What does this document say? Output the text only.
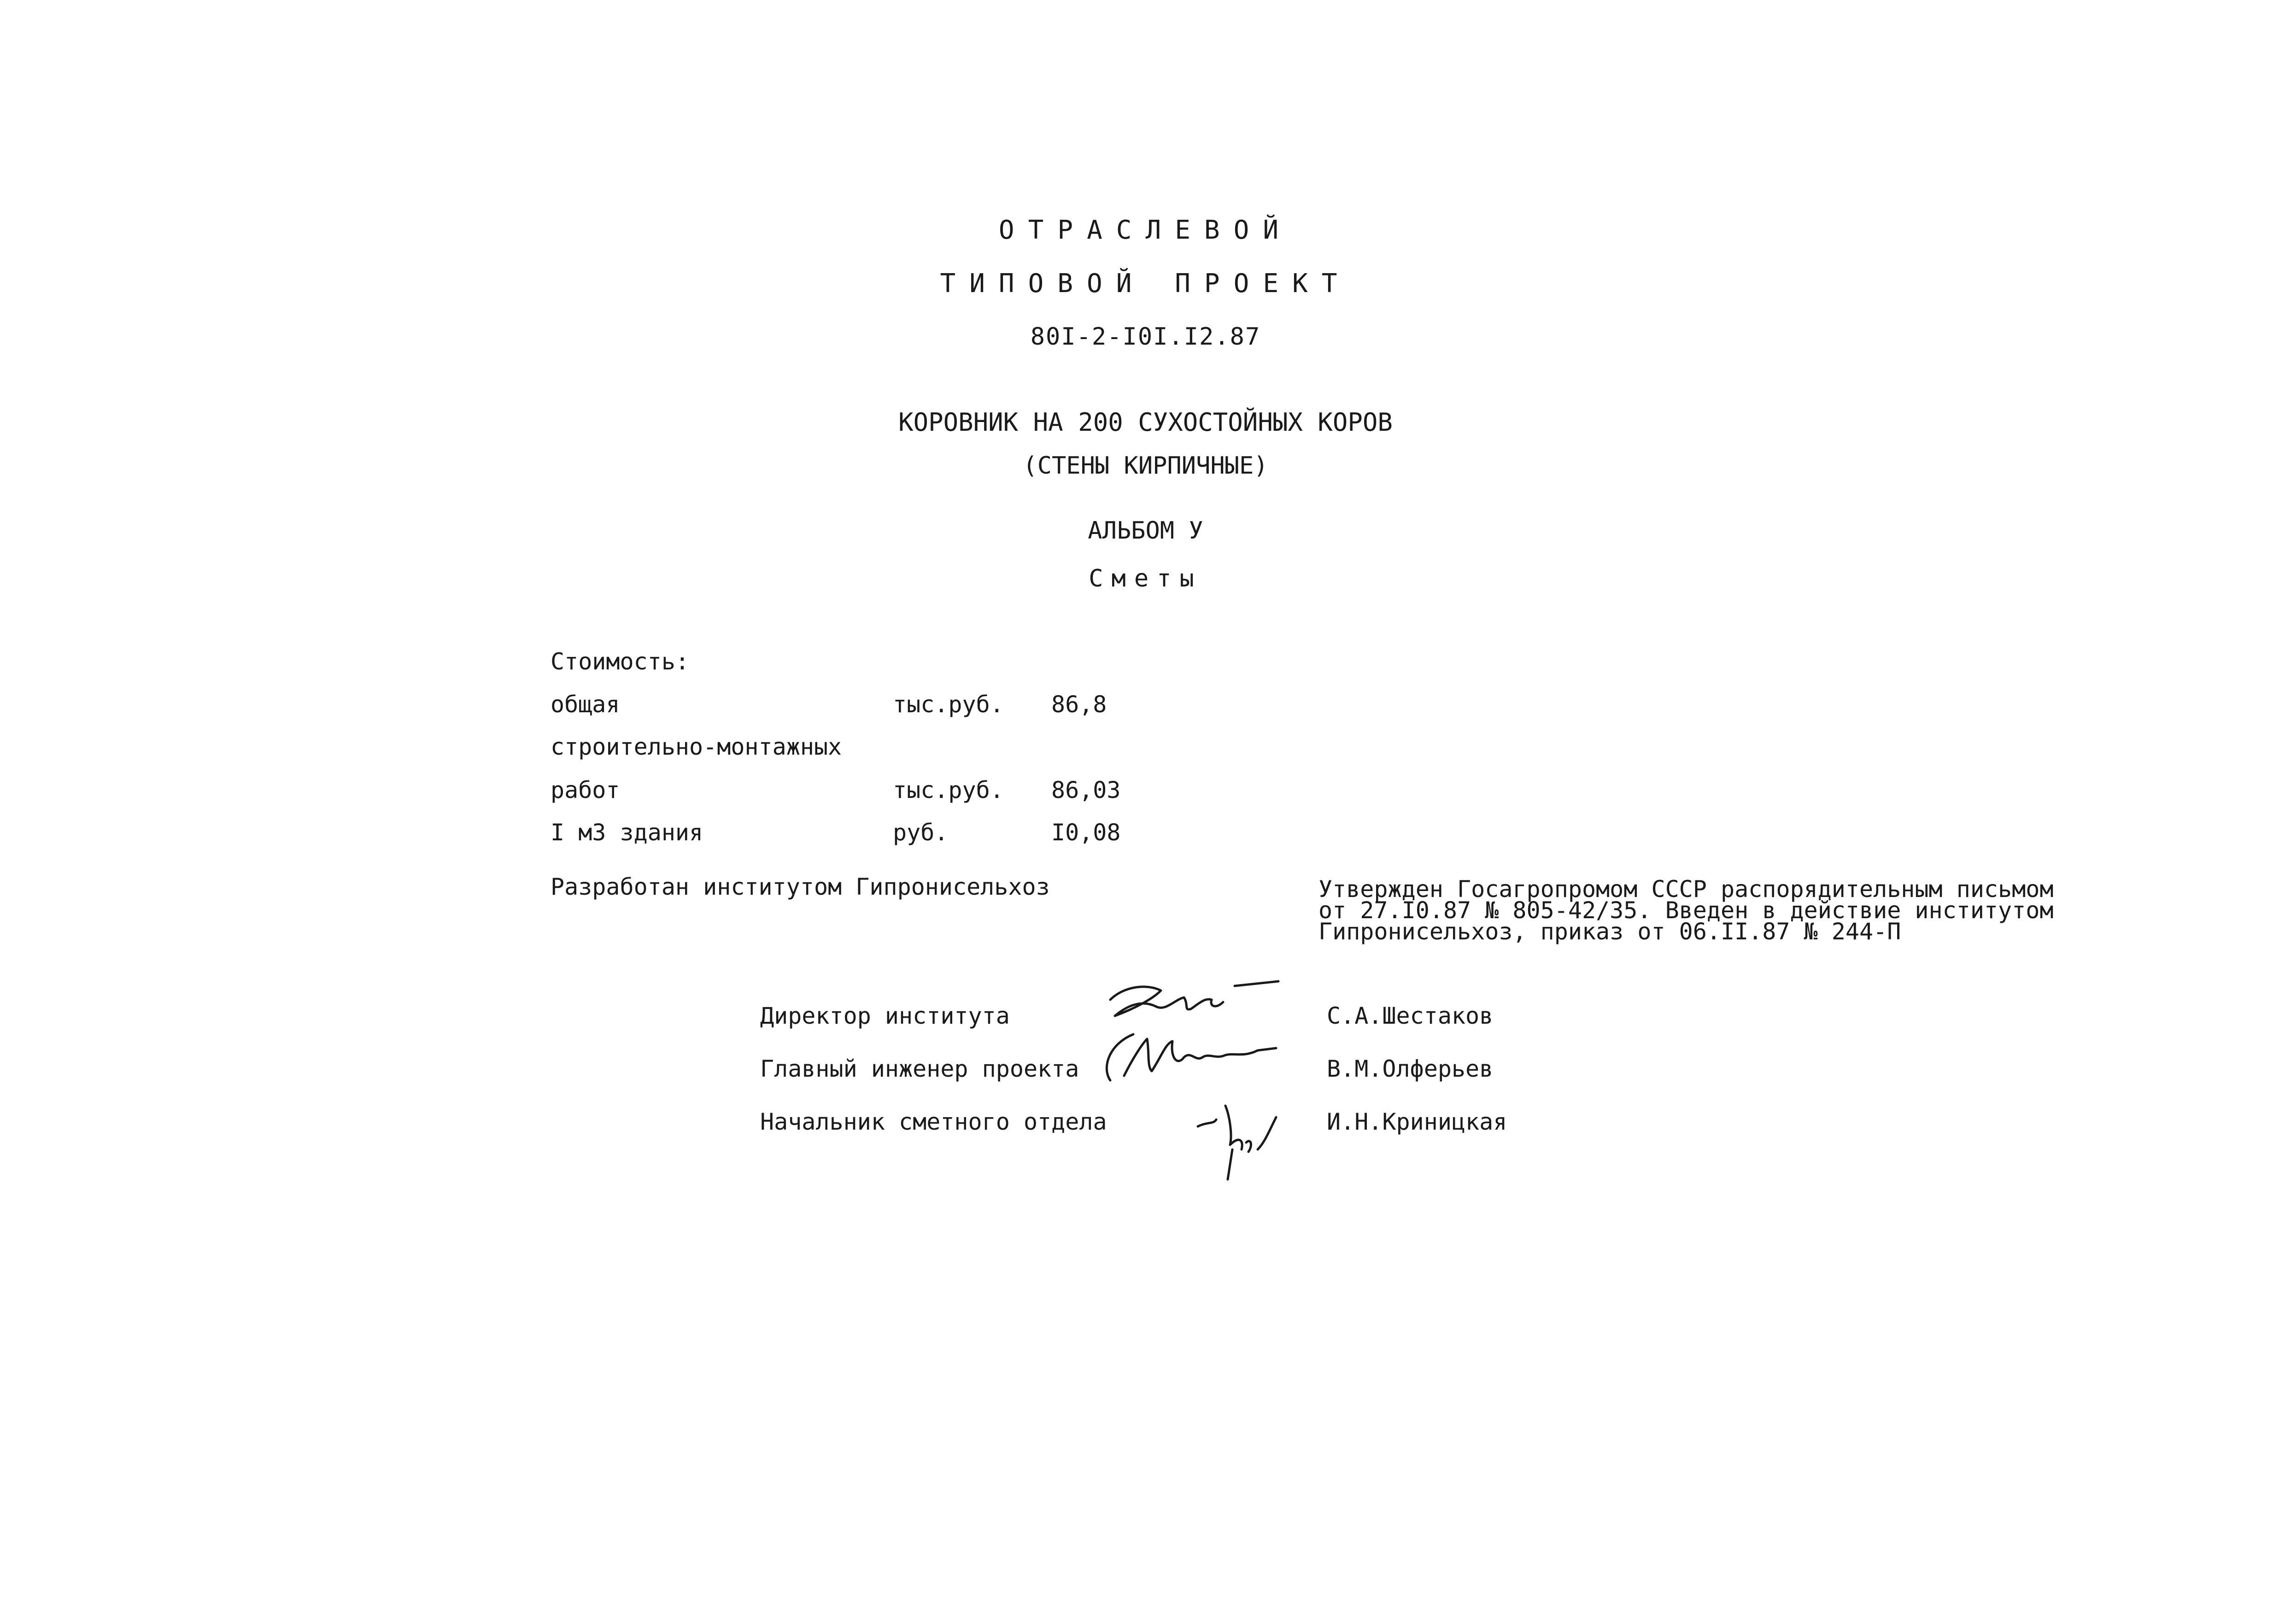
ОТРАСЛЕВОЙ
ТИПОВОЙ ПРОЕКТ
80I-2-I0I.I2.87
КОРОВНИК НА 200 СУХОСТОЙНЫХ КОРОВ
(СТЕНЫ КИРПИЧНЫЕ)
АЛЬБОМ У
Сметы
Стоимость:
общая	тыс.руб. 86,8
строительно-монтажных
работ	тыс.руб. 86,03
I м3 здания	руб.	I0,08
Разработан институтом Гипронисельхоз	Утвержден Госагропромом СССР распорядительным письмом
от 27.I0.87 № 805-42/35. Введен в действие институтом
Гипронисельхоз, приказ от 06.II.87 № 244-П
Директор института	С.А.Шестаков
Главный инженер проекта	В.М.Олферьев
Начальник сметного отдела	И.Н.Криницкая
